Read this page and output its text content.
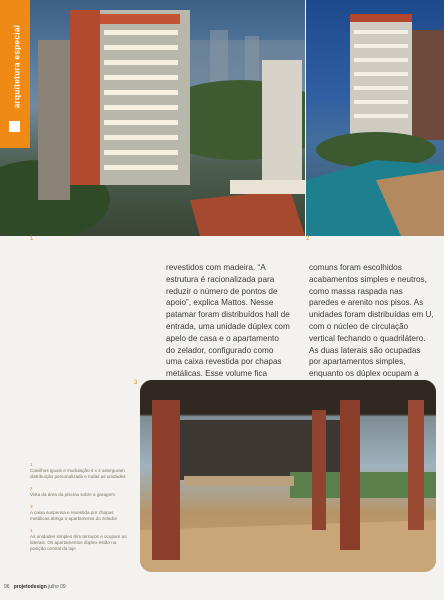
arquitetura especial
1	2
revestidos com madeira. “A estrutura é racionalizada para reduzir o número de pontos de apoio”, explica Mattos. Nesse patamar foram distribuídos hall de entrada, uma unidade dúplex com apelo de casa e o apartamento do zelador, configurado como uma caixa revestida por chapas metálicas. Esse volume fica
comuns foram escolhidos acabamentos simples e neutros, como massa raspada nas paredes e arenito nos pisos. As unidades foram distribuídas em U, com o núcleo de circulação vertical fechando o quadrilátero. As duas laterais são ocupadas por apartamentos simples, enquanto os dúplex ocupam a
3
1
Caixilhos iguais e modulação 4 x 4 asseguram distribuição personalizada e todas as unidades
2
Vista da área da piscina sobre a garagem
3
A caixa suspensa e revestida por chapas metálicas abriga o apartamento do zelador
4
As unidades simples têm terraços e ocupam as laterais. Os apartamentos dúplex estão na posição central da laje
96 projetodesign julho 09
